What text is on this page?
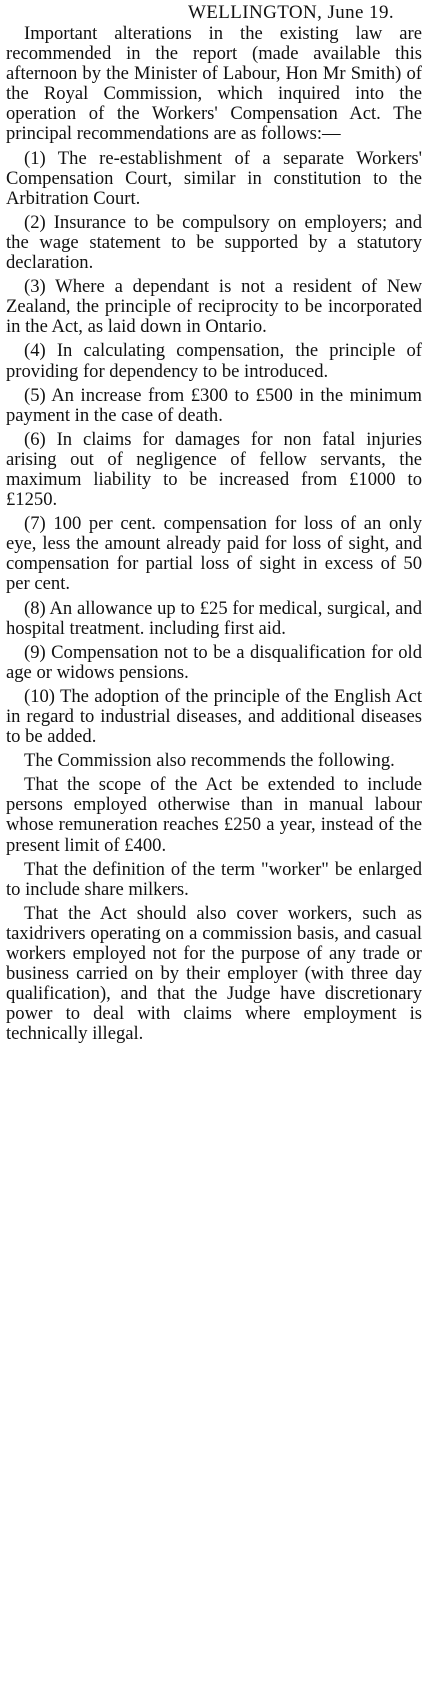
WELLINGTON, June 19.

Important alterations in the existing law are recommended in the report (made available this afternoon by the Minister of Labour, Hon Mr Smith) of the Royal Commission, which inquired into the operation of the Workers' Compensation Act. The principal recommendations are as follows:—

(1) The re-establishment of a separate Workers' Compensation Court, similar in constitution to the Arbitration Court.

(2) Insurance to be compulsory on employers; and the wage statement to be supported by a statutory declaration.

(3) Where a dependant is not a resident of New Zealand, the principle of reciprocity to be incorporated in the Act, as laid down in Ontario.

(4) In calculating compensation, the principle of providing for dependency to be introduced.

(5) An increase from £300 to £500 in the minimum payment in the case of death.

(6) In claims for damages for non fatal injuries arising out of negligence of fellow servants, the maximum liability to be increased from £1000 to £1250.

(7) 100 per cent. compensation for loss of an only eye, less the amount already paid for loss of sight, and compensation for partial loss of sight in excess of 50 per cent.

(8) An allowance up to £25 for medical, surgical, and hospital treatment. including first aid.

(9) Compensation not to be a disqualification for old age or widows pensions.

(10) The adoption of the principle of the English Act in regard to industrial diseases, and additional diseases to be added.

The Commission also recommends the following.

That the scope of the Act be extended to include persons employed otherwise than in manual labour whose remuneration reaches £250 a year, instead of the present limit of £400.

That the definition of the term "worker" be enlarged to include share milkers.

That the Act should also cover workers, such as taxidrivers operating on a commission basis, and casual workers employed not for the purpose of any trade or business carried on by their employer (with three day qualification), and that the Judge have discretionary power to deal with claims where employment is technically illegal.
